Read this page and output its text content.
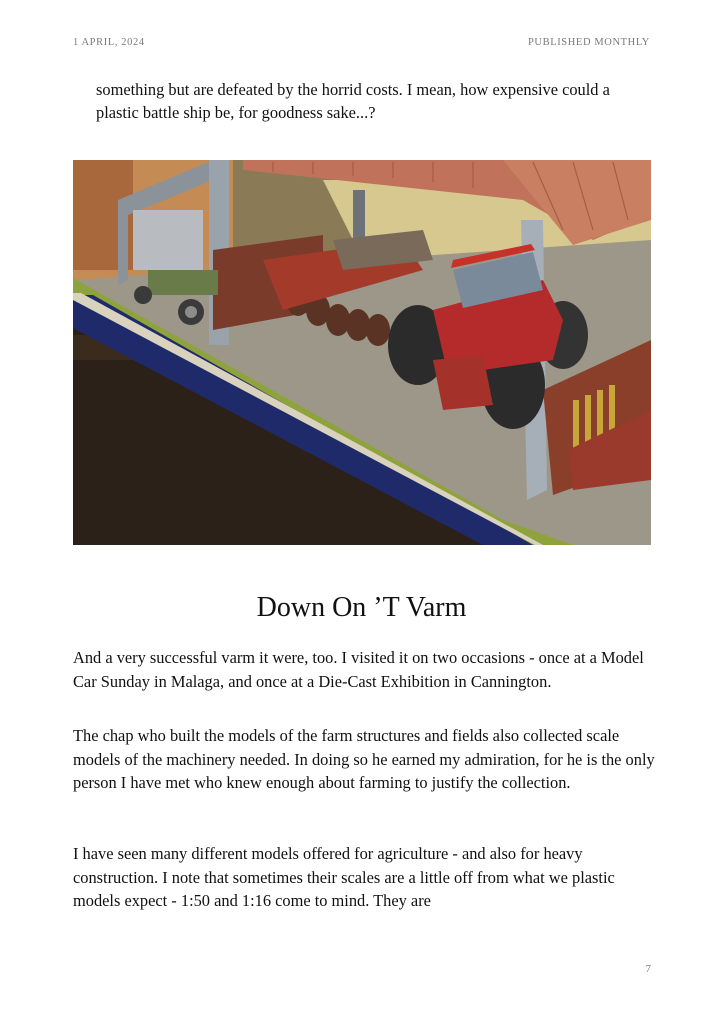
1 APRIL, 2024	PUBLISHED MONTHLY

something but are defeated by the horrid costs. I mean, how expensive could a plastic battle ship be, for goodness sake...?

Down On ’T Varm

And a very successful varm it were, too. I visited it on two occasions - once at a Model Car Sunday in Malaga, and once at a Die-Cast Exhibition in Cannington.

The chap who built the models of the farm structures and fields also collected scale models of the machinery needed. In doing so he earned my admiration, for he is the only person I have met who knew enough about farming to justify the collection.

I have seen many different models offered for agriculture - and also for heavy construction. I note that sometimes their scales are a little off from what we plastic models expect - 1:50 and 1:16 come to mind. They are

7
